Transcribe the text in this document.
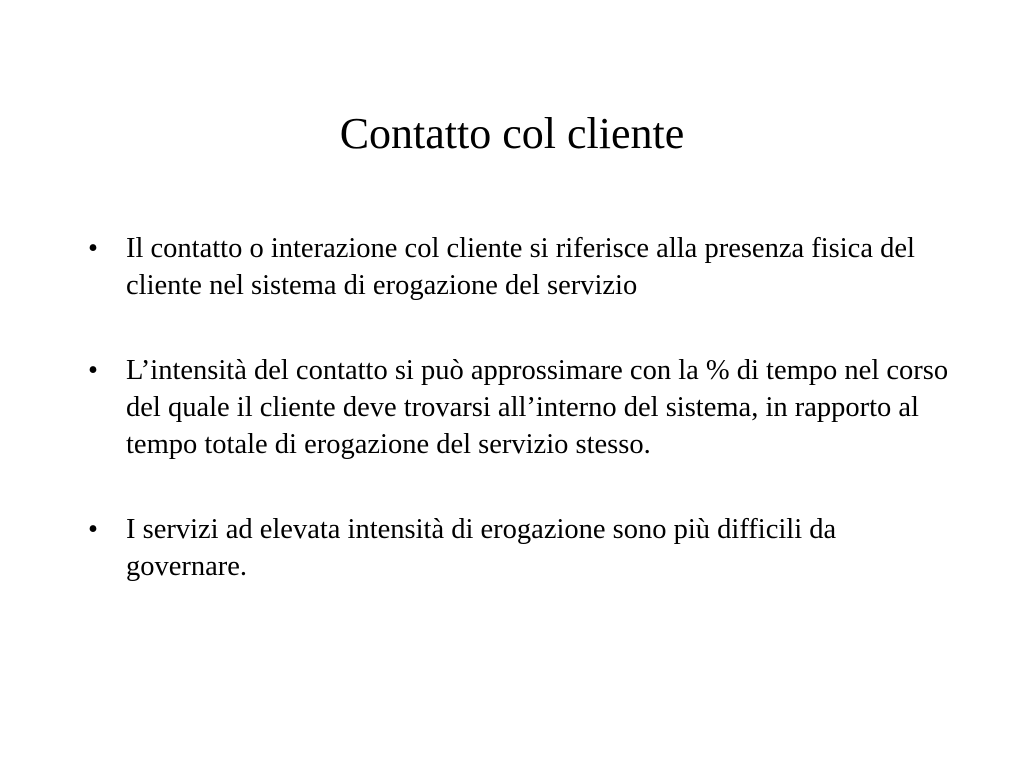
Contatto col cliente
• Il contatto o interazione col cliente si riferisce alla presenza fisica del cliente nel sistema di erogazione del servizio
• L’intensità del contatto si può approssimare con la % di tempo nel corso del quale il cliente deve trovarsi all’interno del sistema, in rapporto al tempo totale di erogazione del servizio stesso.
• I servizi ad elevata intensità di erogazione sono più difficili da governare.
